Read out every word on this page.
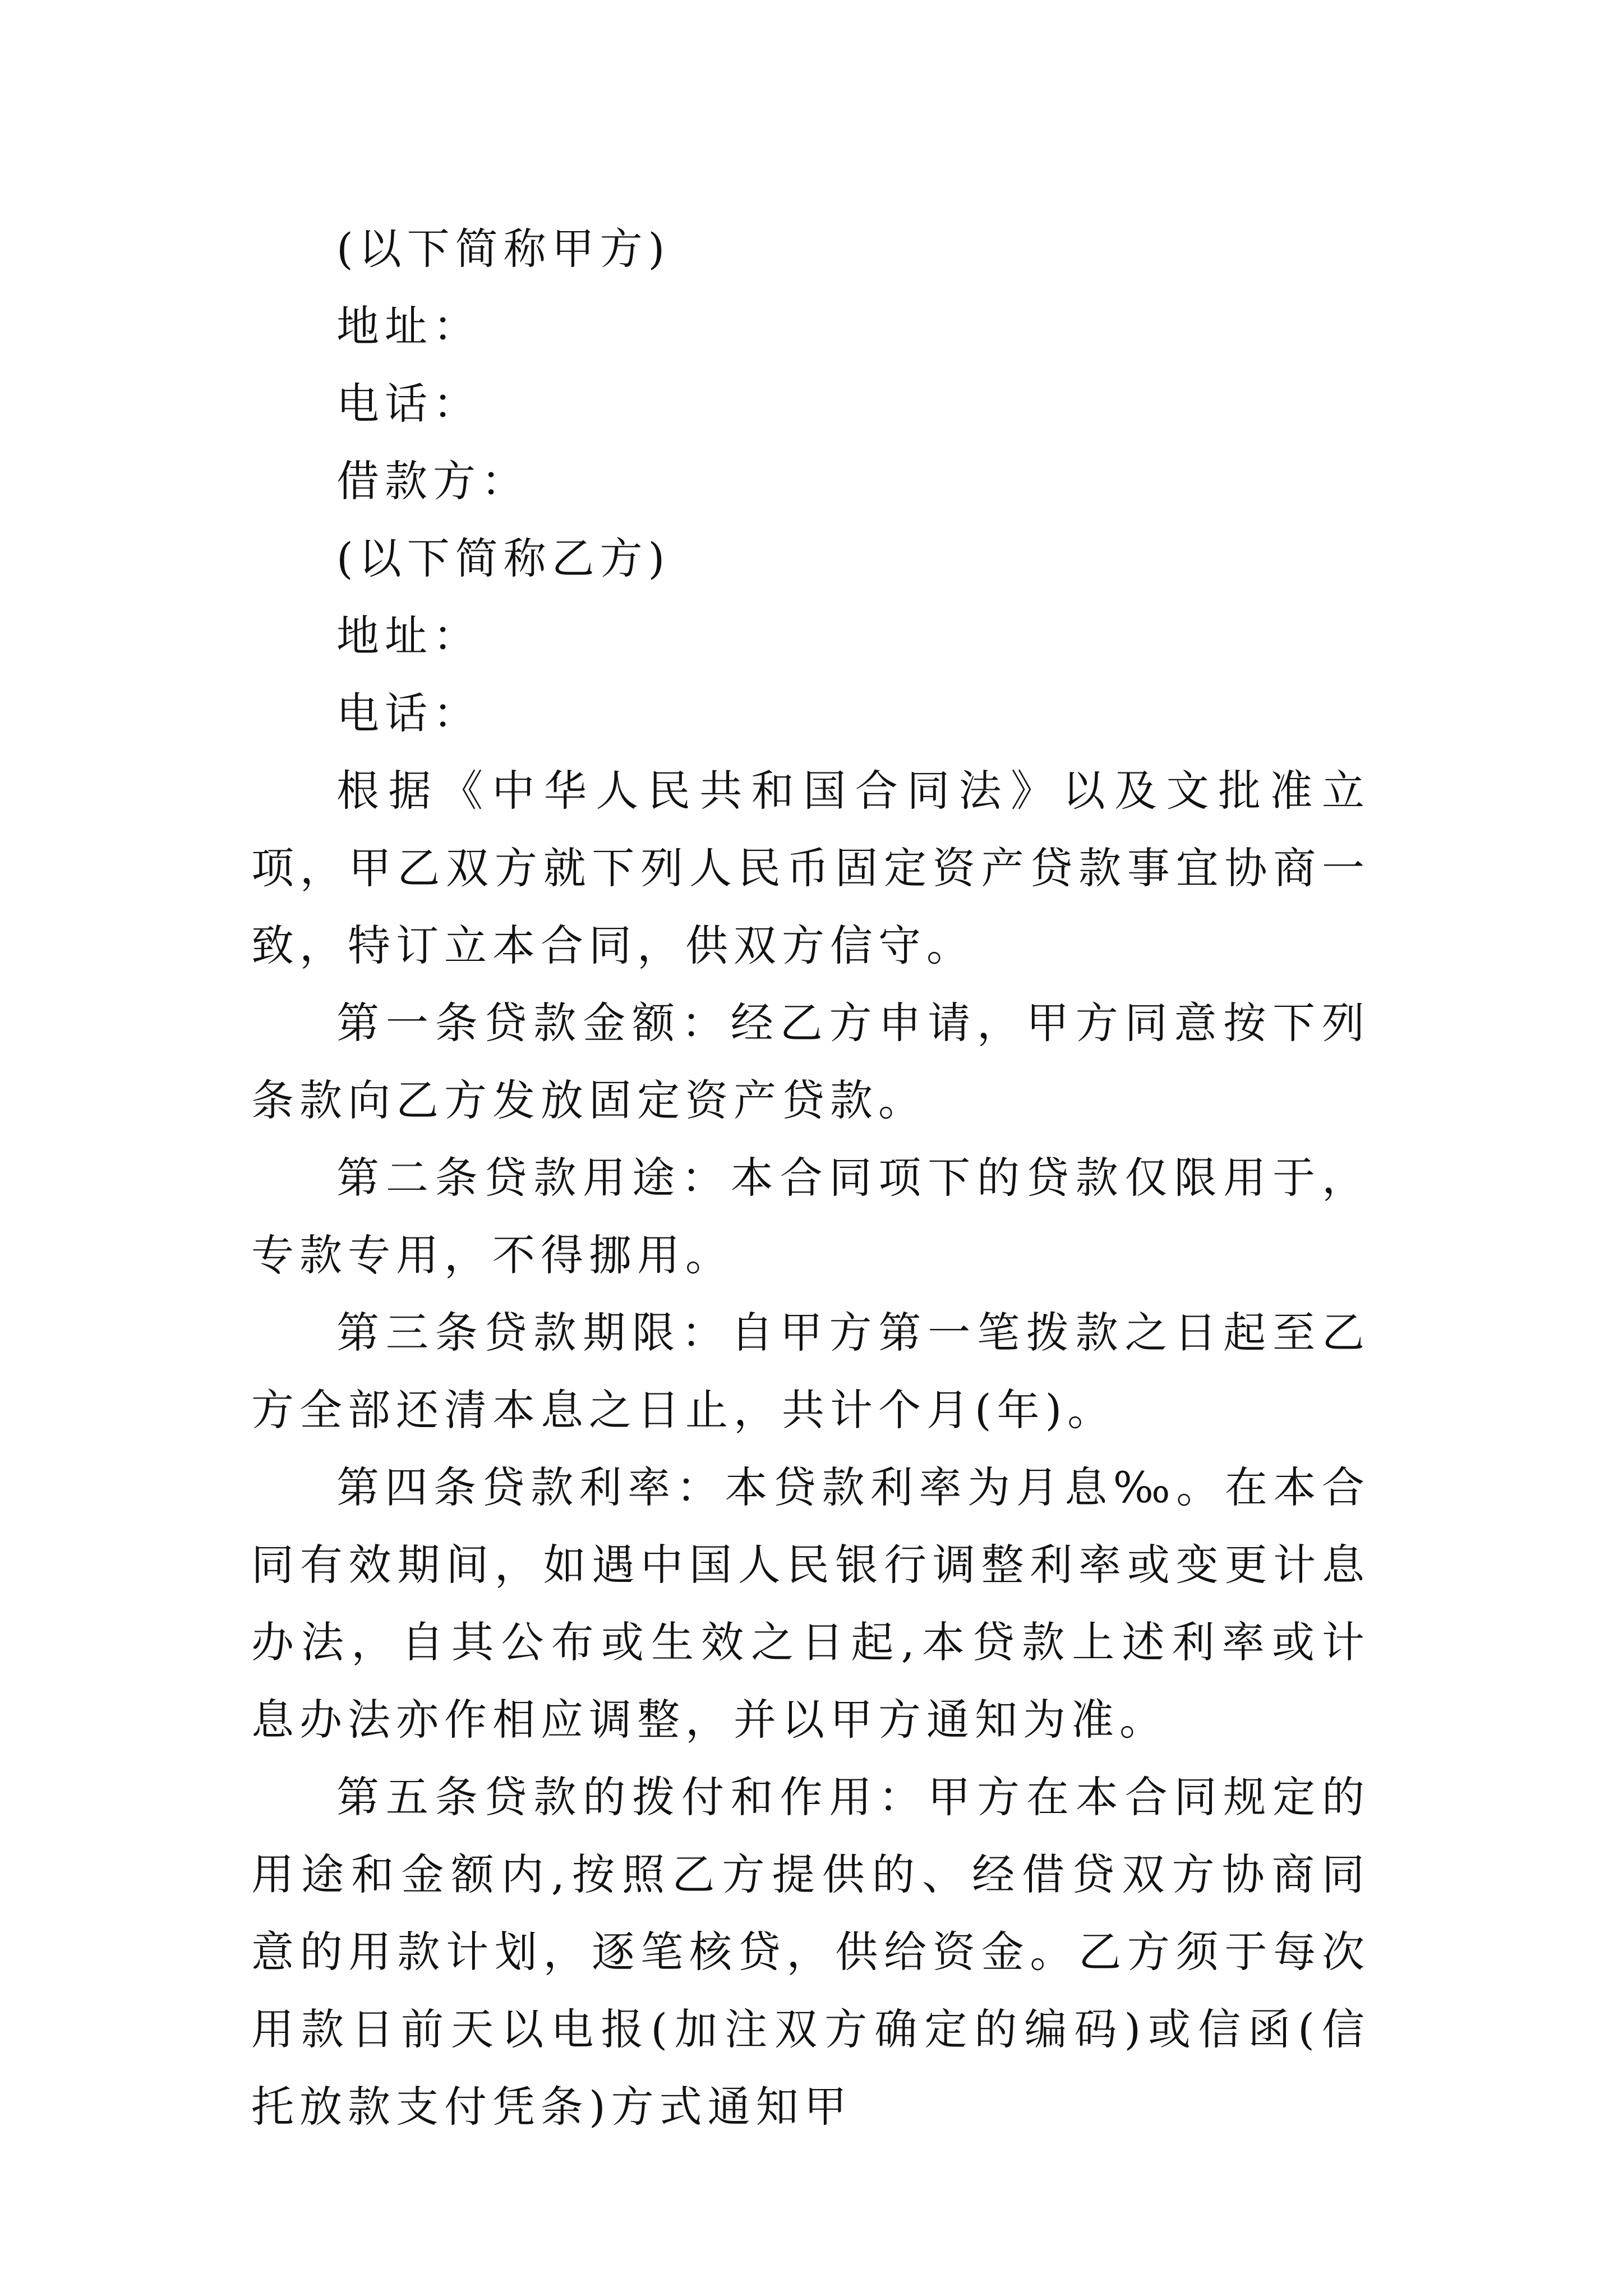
(以下简称甲方)

地址：

电话：

借款方：

(以下简称乙方)

地址：

电话：

根据《中华人民共和国合同法》以及文批准立项，甲乙双方就下列人民币固定资产贷款事宜协商一致，特订立本合同，供双方信守。

第一条贷款金额：经乙方申请，甲方同意按下列条款向乙方发放固定资产贷款。

第二条贷款用途：本合同项下的贷款仅限用于，专款专用，不得挪用。

第三条贷款期限：自甲方第一笔拨款之日起至乙方全部还清本息之日止，共计个月(年)。

第四条贷款利率：本贷款利率为月息‰。在本合同有效期间，如遇中国人民银行调整利率或变更计息办法，自其公布或生效之日起,本贷款上述利率或计息办法亦作相应调整，并以甲方通知为准。

第五条贷款的拨付和作用：甲方在本合同规定的用途和金额内,按照乙方提供的、经借贷双方协商同意的用款计划，逐笔核贷，供给资金。乙方须于每次用款日前天以电报(加注双方确定的编码)或信函(信托放款支付凭条)方式通知甲
